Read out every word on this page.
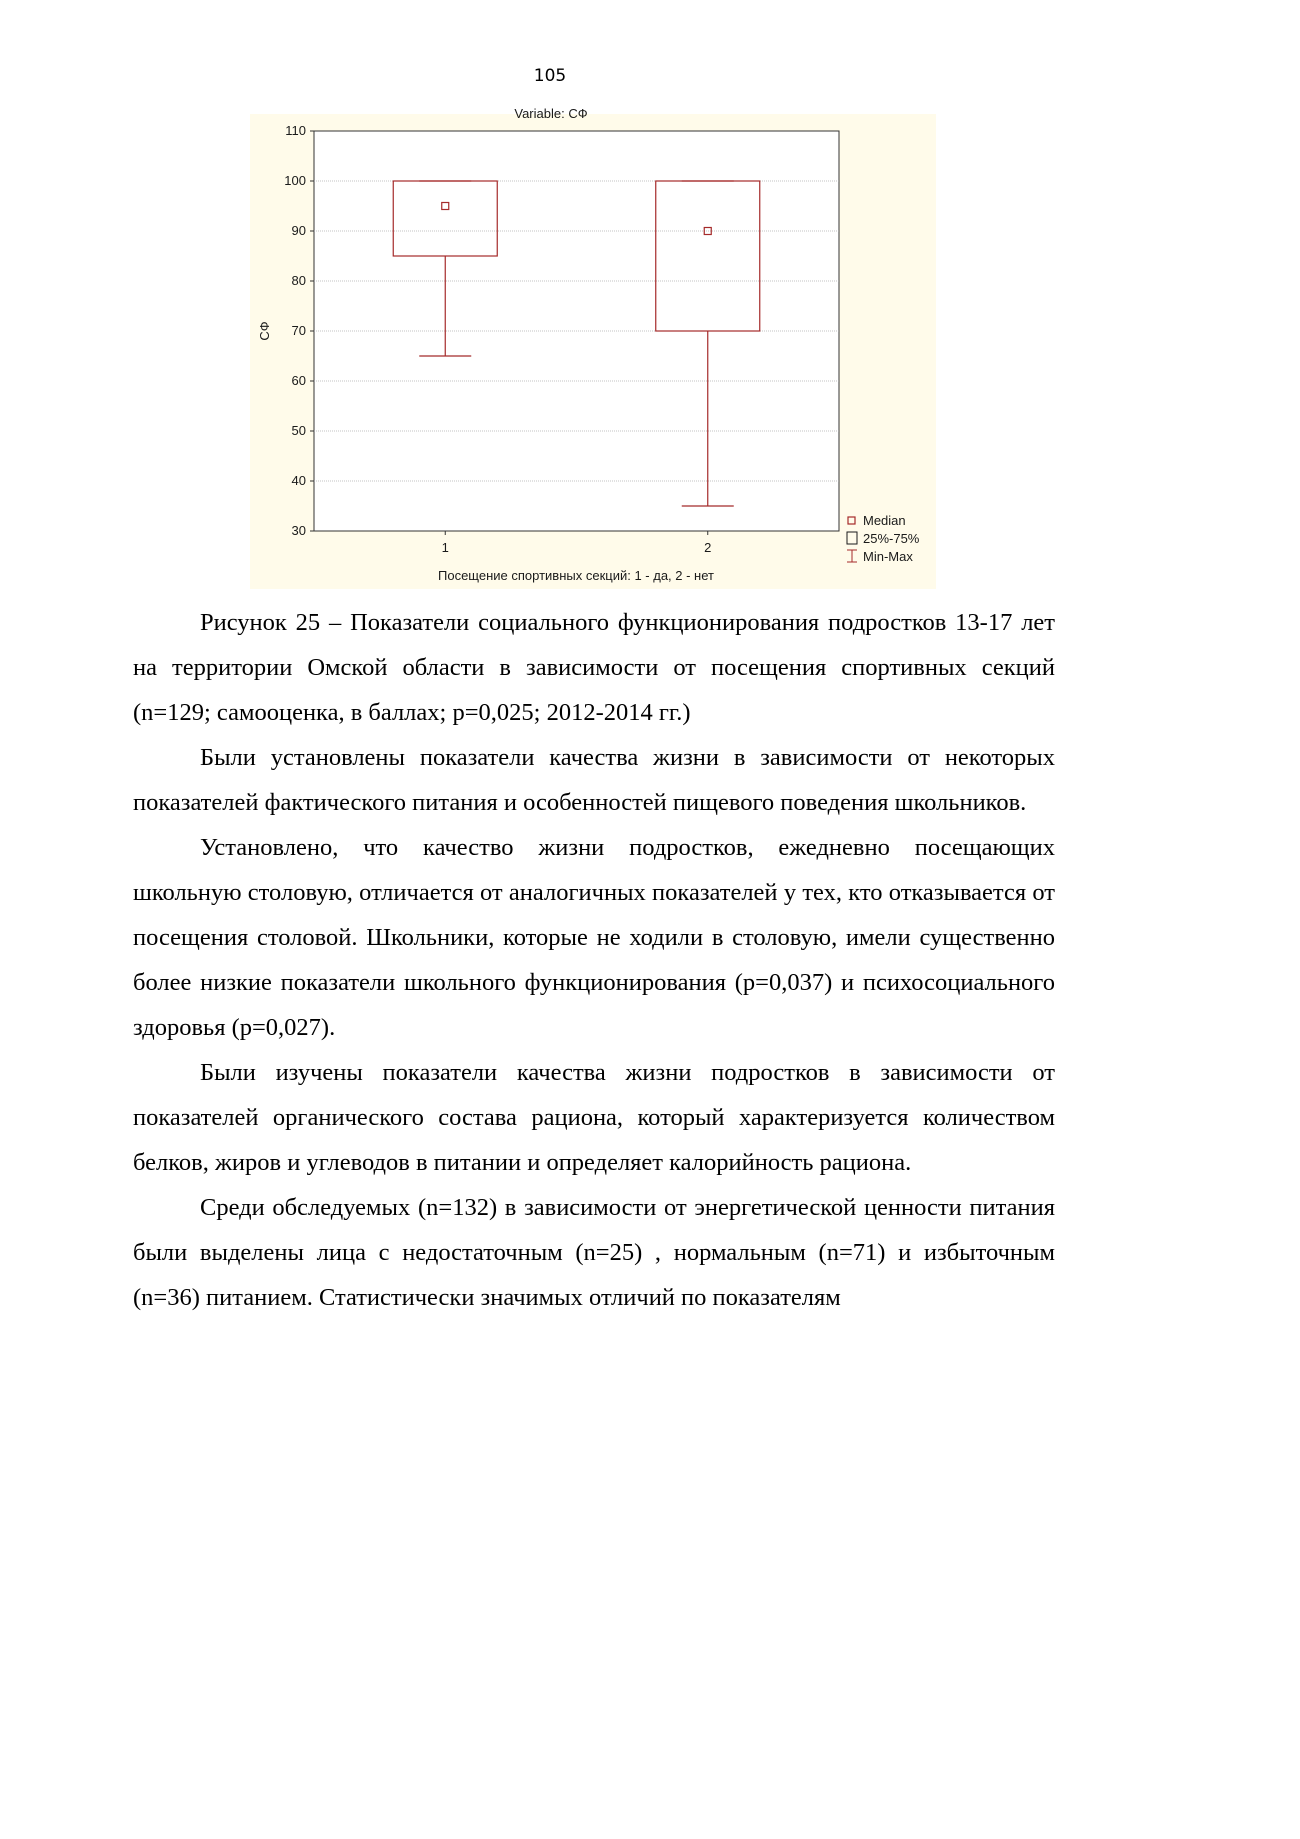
105
Variable: СФ
110
100
90
80
70
60
50
40
30
1	2
СФ
Посещение спортивных секций: 1 - да, 2 - нет
Median
25%-75%
Min-Max

Рисунок 25 – Показатели социального функционирования подростков 13-17 лет на территории Омской области в зависимости от посещения спортивных секций (n=129; самооценка, в баллах; p=0,025; 2012-2014 гг.)

Были установлены показатели качества жизни в зависимости от некоторых показателей фактического питания и особенностей пищевого поведения школьников.

Установлено, что качество жизни подростков, ежедневно посещающих школьную столовую, отличается от аналогичных показателей у тех, кто отказывается от посещения столовой. Школьники, которые не ходили в столовую, имели существенно более низкие показатели школьного функционирования (p=0,037) и психосоциального здоровья (p=0,027).

Были изучены показатели качества жизни подростков в зависимости от показателей органического состава рациона, который характеризуется количеством белков, жиров и углеводов в питании и определяет калорийность рациона.

Среди обследуемых (n=132) в зависимости от энергетической ценности питания были выделены лица с недостаточным (n=25) , нормальным (n=71) и избыточным (n=36) питанием. Статистически значимых отличий по показателям
